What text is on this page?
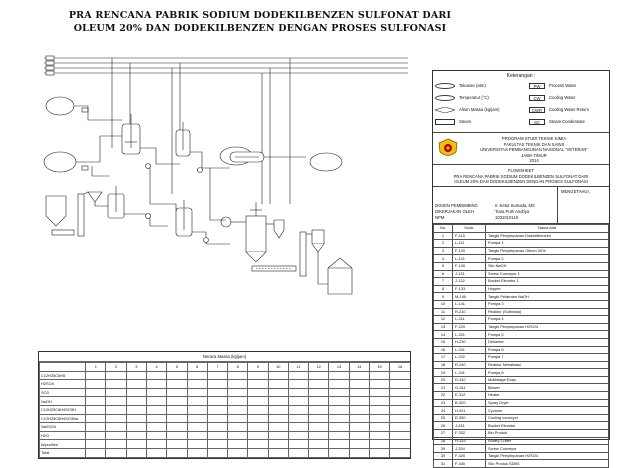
PRA RENCANA PABRIK SODIUM DODEKILBENZEN SULFONAT DARI
OLEUM 20% DAN DODEKILBENZEN DENGAN PROSES SULFONASI
Keterangan :
Tekanan (atm)
Temperatur (°C)
Aliran Massa (kg/jam)
Steam
PW	Process Water
CW	Cooling Water
CWR	Cooling Water Return
SC	Steam Condensate
PROGRAM STUDI TEKNIK KIMIA
FAKULTAS TEKNIK DAN SAINS
UNIVERSITAS PEMBANGUNAN NASIONAL "VETERAN"
JAWA TIMUR
2014
FLOWSHEET
PRA RENCANA PABRIK SODIUM DODEKILBENZEN SULFONAT DARI
OLEUM 20% DAN DODEKILBENZEN DENGAN PROSES SULFONASI
MENGETAHUI,
DOSEN PEMBIMBING	Ir. Ketut Sumada, MS
DIKERJAKAN OLEH	Tiara Putri Andriya
NPM	1031010118
No.	Kode	Nama Alat
1	F-110	Tangki Penyimpanan Dodekilbenzen
2	L-111	Pompa 1
3	F-120	Tangki Penyimpanan Oleum 20%
4	L-121	Pompa 2
5	F-130	Silo NaOH
6	J-131	Screw Conveyor 1
7	J-132	Bucket Elevator 1
8	F-133	Hopper
9	M-140	Tangki Pelarutan NaOH
10	L-141	Pompa 3
11	R-210	Reaktor (Sulfonasi)
12	L-211	Pompa 4
13	F-220	Tangki Penyimpanan H2SO4
14	L-221	Pompa 5
15	H-230	Dekanter
16	L-231	Pompa 6
17	L-232	Pompa 7
18	R-240	Reaktor Netralisasi
19	L-241	Pompa 8
20	D-310	Multistage Evap.
21	G-311	Blower
22	E-312	Heater
23	B-320	Spray Dryer
24	H-321	Cyclone
25	E-330	Cooling conveyor
26	J-331	Bucket Elevator
27	F-332	Bin Produk
28	H-333	Rotary Cutter
29	J-334	Screw Conveyor
30	F-420	Tangki Penyimpanan H2SO4
31	F-430	Silo Produk SDBS
Neraca Massa (kg/jam)
	1	2	3	4	5	6	7	8	9	10	11	12	13	14	15	16
C12H25C6H5																
H2SO4																
SO3																
NaOH																
C12H25C6H4SO3H																
C12H25C6H4SO3Na																
Na2SO4																
H2O																
Impurities																
Total																
